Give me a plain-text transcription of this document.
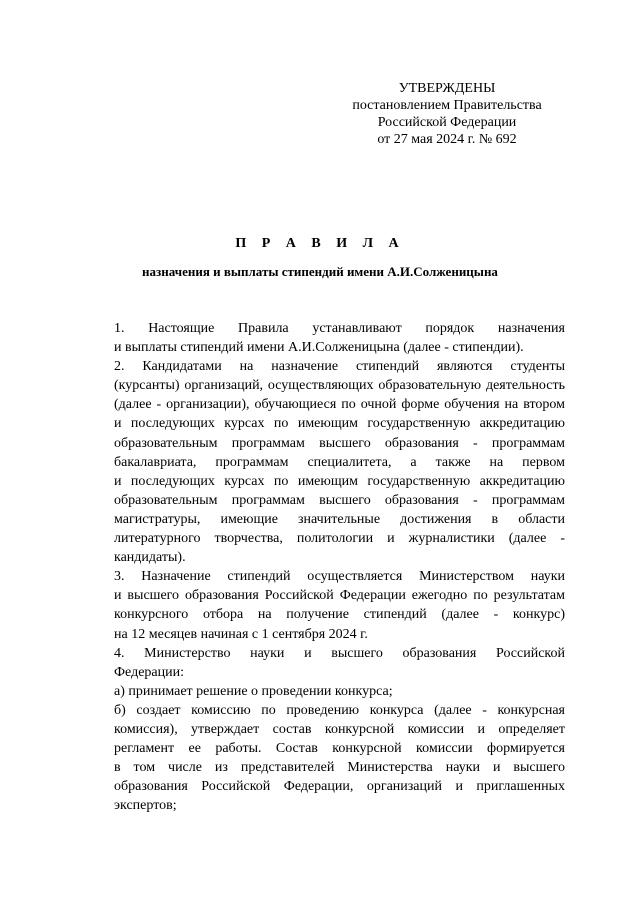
УТВЕРЖДЕНЫ
постановлением Правительства
Российской Федерации
от 27 мая 2024 г. № 692
П Р А В И Л А
назначения и выплаты стипендий имени А.И.Солженицына

1. Настоящие Правила устанавливают порядок назначения
и выплаты стипендий имени А.И.Солженицына (далее - стипендии).

2. Кандидатами на назначение стипендий являются студенты
(курсанты) организаций, осуществляющих образовательную деятельность
(далее - организации), обучающиеся по очной форме обучения на втором
и последующих курсах по имеющим государственную аккредитацию
образовательным программам высшего образования - программам
бакалавриата, программам специалитета, а также на первом
и последующих курсах по имеющим государственную аккредитацию
образовательным программам высшего образования - программам
магистратуры, имеющие значительные достижения в области
литературного творчества, политологии и журналистики (далее -
кандидаты).

3. Назначение стипендий осуществляется Министерством науки
и высшего образования Российской Федерации ежегодно по результатам
конкурсного отбора на получение стипендий (далее - конкурс)
на 12 месяцев начиная с 1 сентября 2024 г.

4. Министерство науки и высшего образования Российской
Федерации:

а) принимает решение о проведении конкурса;

б) создает комиссию по проведению конкурса (далее - конкурсная
комиссия), утверждает состав конкурсной комиссии и определяет
регламент ее работы. Состав конкурсной комиссии формируется
в том числе из представителей Министерства науки и высшего
образования Российской Федерации, организаций и приглашенных
экспертов;
